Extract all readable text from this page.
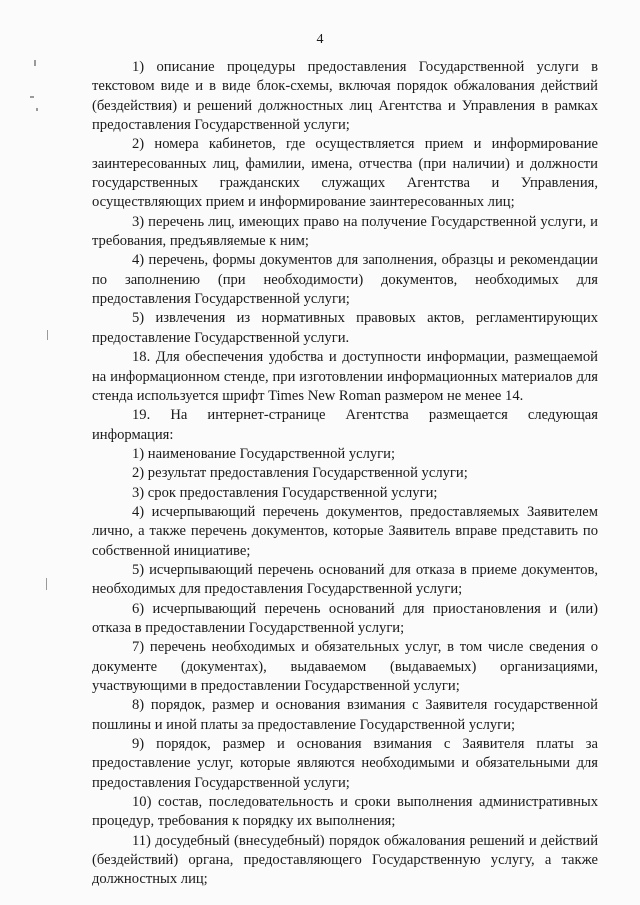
4

1) описание процедуры предоставления Государственной услуги в текстовом виде и в виде блок-схемы, включая порядок обжалования действий (бездействия) и решений должностных лиц Агентства и Управления в рамках предоставления Государственной услуги;

2) номера кабинетов, где осуществляется прием и информирование заинтересованных лиц, фамилии, имена, отчества (при наличии) и должности государственных гражданских служащих Агентства и Управления, осуществляющих прием и информирование заинтересованных лиц;

3) перечень лиц, имеющих право на получение Государственной услуги, и требования, предъявляемые к ним;

4) перечень, формы документов для заполнения, образцы и рекомендации по заполнению (при необходимости) документов, необходимых для предоставления Государственной услуги;

5) извлечения из нормативных правовых актов, регламентирующих предоставление Государственной услуги.

18. Для обеспечения удобства и доступности информации, размещаемой на информационном стенде, при изготовлении информационных материалов для стенда используется шрифт Times New Roman размером не менее 14.

19. На интернет-странице Агентства размещается следующая информация:

1) наименование Государственной услуги;

2) результат предоставления Государственной услуги;

3) срок предоставления Государственной услуги;

4) исчерпывающий перечень документов, предоставляемых Заявителем лично, а также перечень документов, которые Заявитель вправе представить по собственной инициативе;

5) исчерпывающий перечень оснований для отказа в приеме документов, необходимых для предоставления Государственной услуги;

6) исчерпывающий перечень оснований для приостановления и (или) отказа в предоставлении Государственной услуги;

7) перечень необходимых и обязательных услуг, в том числе сведения о документе (документах), выдаваемом (выдаваемых) организациями, участвующими в предоставлении Государственной услуги;

8) порядок, размер и основания взимания с Заявителя государственной пошлины и иной платы за предоставление Государственной услуги;

9) порядок, размер и основания взимания с Заявителя платы за предоставление услуг, которые являются необходимыми и обязательными для предоставления Государственной услуги;

10) состав, последовательность и сроки выполнения административных процедур, требования к порядку их выполнения;

11) досудебный (внесудебный) порядок обжалования решений и действий (бездействий) органа, предоставляющего Государственную услугу, а также должностных лиц;
